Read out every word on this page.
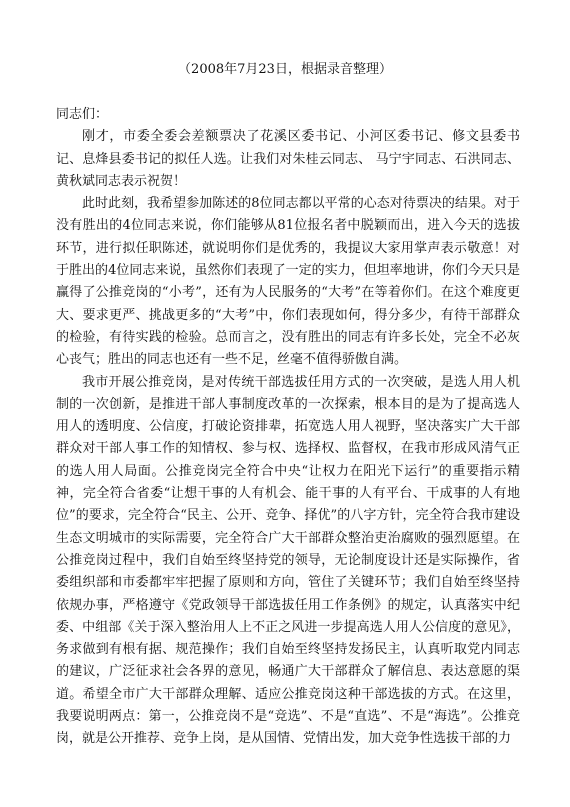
（2008年7月23日，根据录音整理）

同志们：

刚才，市委全委会差额票决了花溪区委书记、小河区委书记、修文县委书记、息烽县委书记的拟任人选。让我们对朱桂云同志、 马宁宇同志、石洪同志、黄秋斌同志表示祝贺！

此时此刻，我希望参加陈述的8位同志都以平常的心态对待票决的结果。对于没有胜出的4位同志来说，你们能够从81位报名者中脱颖而出，进入今天的选拔环节，进行拟任职陈述，就说明你们是优秀的，我提议大家用掌声表示敬意！对于胜出的4位同志来说，虽然你们表现了一定的实力，但坦率地讲，你们今天只是赢得了公推竞岗的“小考”，还有为人民服务的“大考”在等着你们。在这个难度更大、要求更严、挑战更多的“大考”中，你们表现如何，得分多少，有待干部群众的检验，有待实践的检验。总而言之，没有胜出的同志有许多长处，完全不必灰心丧气；胜出的同志也还有一些不足，丝毫不值得骄傲自满。

我市开展公推竞岗，是对传统干部选拔任用方式的一次突破，是选人用人机制的一次创新，是推进干部人事制度改革的一次探索，根本目的是为了提高选人用人的透明度、公信度，打破论资排辈，拓宽选人用人视野，坚决落实广大干部群众对干部人事工作的知情权、参与权、选择权、监督权，在我市形成风清气正的选人用人局面。公推竞岗完全符合中央“让权力在阳光下运行”的重要指示精神，完全符合省委“让想干事的人有机会、能干事的人有平台、干成事的人有地位”的要求，完全符合“民主、公开、竞争、择优”的八字方针，完全符合我市建设生态文明城市的实际需要，完全符合广大干部群众整治吏治腐败的强烈愿望。在公推竞岗过程中，我们自始至终坚持党的领导，无论制度设计还是实际操作，省委组织部和市委都牢牢把握了原则和方向，管住了关键环节；我们自始至终坚持依规办事，严格遵守《党政领导干部选拔任用工作条例》的规定，认真落实中纪委、中组部《关于深入整治用人上不正之风进一步提高选人用人公信度的意见》，务求做到有根有据、规范操作；我们自始至终坚持发扬民主，认真听取党内同志的建议，广泛征求社会各界的意见，畅通广大干部群众了解信息、表达意愿的渠道。希望全市广大干部群众理解、适应公推竞岗这种干部选拔的方式。在这里，我要说明两点：第一，公推竞岗不是“竞选”、不是“直选”、不是“海选”。公推竞岗，就是公开推荐、竞争上岗，是从国情、党情出发，加大竞争性选拔干部的力
